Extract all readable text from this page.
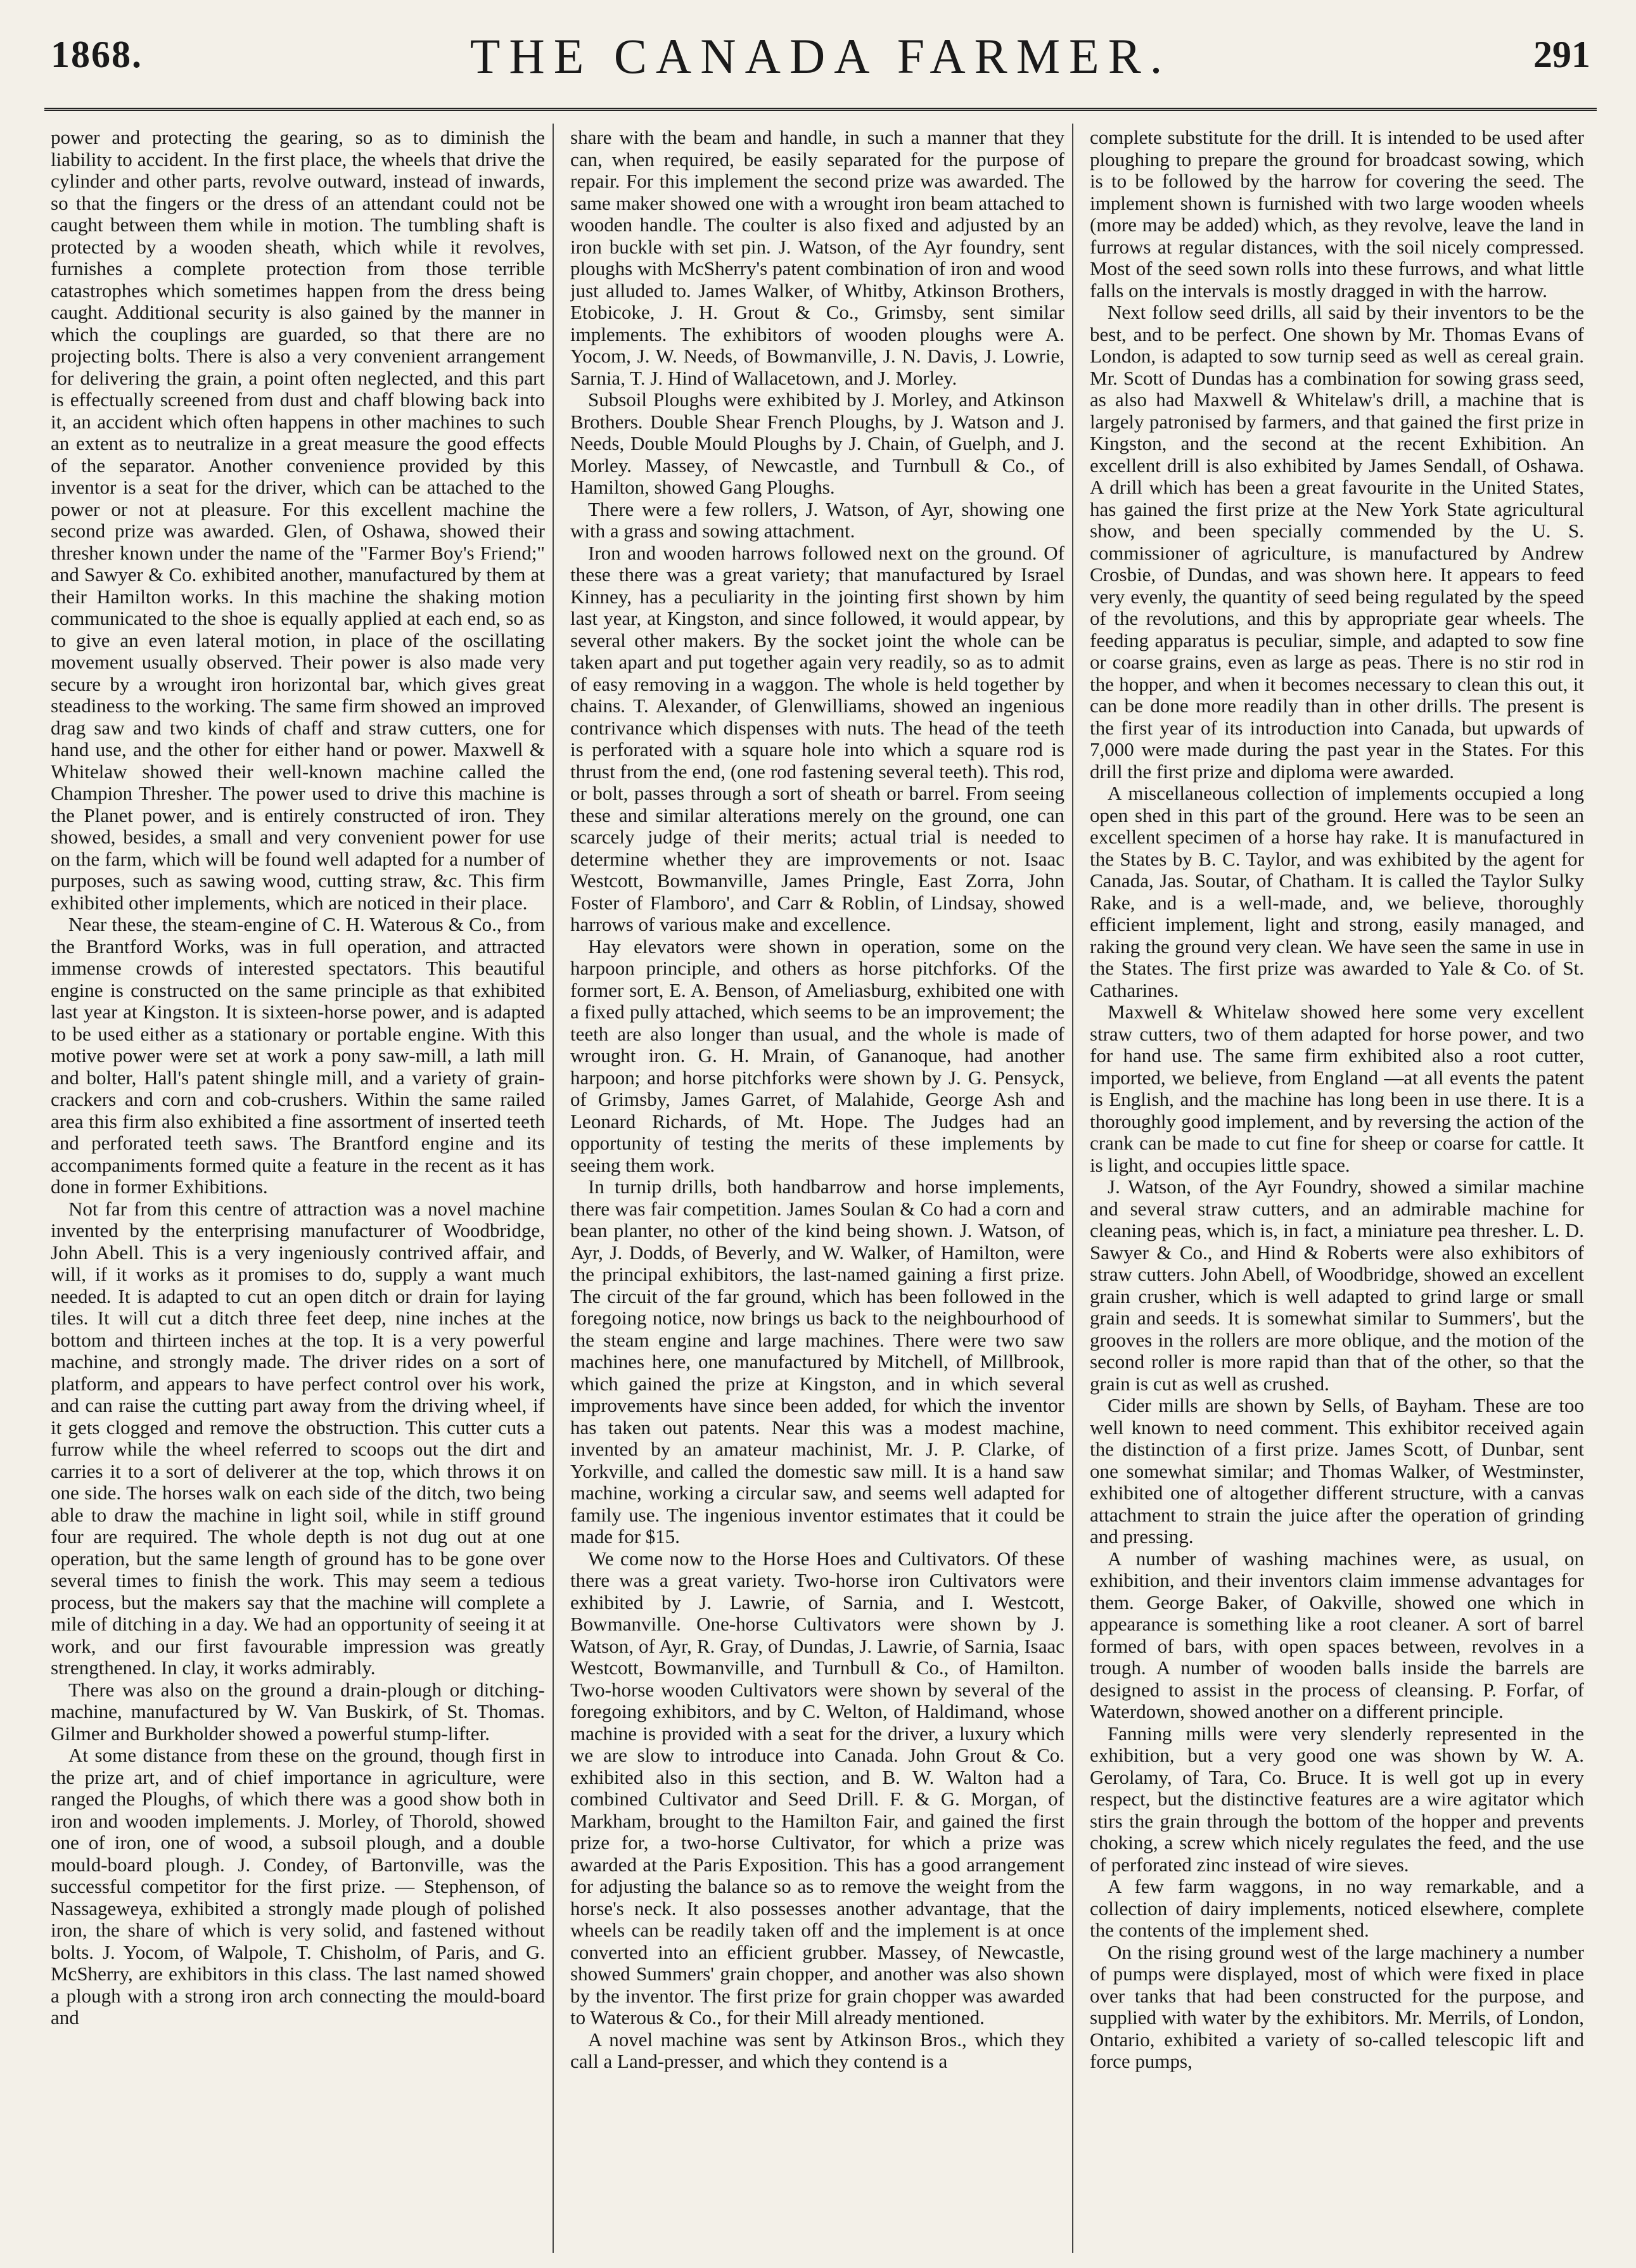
1868.	THE CANADA FARMER.	291

power and protecting the gearing, so as to diminish the liability to accident. In the first place, the wheels that drive the cylinder and other parts, revolve outward, instead of inwards, so that the fingers or the dress of an attendant could not be caught between them while in motion. The tumbling shaft is protected by a wooden sheath, which while it revolves, furnishes a complete protection from those terrible catastrophes which sometimes happen from the dress being caught. Additional security is also gained by the manner in which the couplings are guarded, so that there are no projecting bolts. There is also a very convenient arrangement for delivering the grain, a point often neglected, and this part is effectually screened from dust and chaff blowing back into it, an accident which often happens in other machines to such an extent as to neutralize in a great measure the good effects of the separator. Another convenience provided by this inventor is a seat for the driver, which can be attached to the power or not at pleasure. For this excellent machine the second prize was awarded. Glen, of Oshawa, showed their thresher known under the name of the "Farmer Boy's Friend;" and Sawyer & Co. exhibited another, manufactured by them at their Hamilton works. In this machine the shaking motion communicated to the shoe is equally applied at each end, so as to give an even lateral motion, in place of the oscillating movement usually observed. Their power is also made very secure by a wrought iron horizontal bar, which gives great steadiness to the working. The same firm showed an improved drag saw and two kinds of chaff and straw cutters, one for hand use, and the other for either hand or power. Maxwell & Whitelaw showed their well-known machine called the Champion Thresher. The power used to drive this machine is the Planet power, and is entirely constructed of iron. They showed, besides, a small and very convenient power for use on the farm, which will be found well adapted for a number of purposes, such as sawing wood, cutting straw, &c. This firm exhibited other implements, which are noticed in their place.

Near these, the steam-engine of C. H. Waterous & Co., from the Brantford Works, was in full operation, and attracted immense crowds of interested spectators. This beautiful engine is constructed on the same principle as that exhibited last year at Kingston. It is sixteen-horse power, and is adapted to be used either as a stationary or portable engine. With this motive power were set at work a pony saw-mill, a lath mill and bolter, Hall's patent shingle mill, and a variety of grain-crackers and corn and cob-crushers. Within the same railed area this firm also exhibited a fine assortment of inserted teeth and perforated teeth saws. The Brantford engine and its accompaniments formed quite a feature in the recent as it has done in former Exhibitions.

Not far from this centre of attraction was a novel machine invented by the enterprising manufacturer of Woodbridge, John Abell. This is a very ingeniously contrived affair, and will, if it works as it promises to do, supply a want much needed. It is adapted to cut an open ditch or drain for laying tiles. It will cut a ditch three feet deep, nine inches at the bottom and thirteen inches at the top. It is a very powerful machine, and strongly made. The driver rides on a sort of platform, and appears to have perfect control over his work, and can raise the cutting part away from the driving wheel, if it gets clogged and remove the obstruction. This cutter cuts a furrow while the wheel referred to scoops out the dirt and carries it to a sort of deliverer at the top, which throws it on one side. The horses walk on each side of the ditch, two being able to draw the machine in light soil, while in stiff ground four are required. The whole depth is not dug out at one operation, but the same length of ground has to be gone over several times to finish the work. This may seem a tedious process, but the makers say that the machine will complete a mile of ditching in a day. We had an opportunity of seeing it at work, and our first favourable impression was greatly strengthened. In clay, it works admirably.

There was also on the ground a drain-plough or ditching-machine, manufactured by W. Van Buskirk, of St. Thomas. Gilmer and Burkholder showed a powerful stump-lifter.

At some distance from these on the ground, though first in the prize art, and of chief importance in agriculture, were ranged the Ploughs, of which there was a good show both in iron and wooden implements. J. Morley, of Thorold, showed one of iron, one of wood, a subsoil plough, and a double mould-board plough. J. Condey, of Bartonville, was the successful competitor for the first prize. — Stephenson, of Nassageweya, exhibited a strongly made plough of polished iron, the share of which is very solid, and fastened without bolts. J. Yocom, of Walpole, T. Chisholm, of Paris, and G. McSherry, are exhibitors in this class. The last named showed a plough with a strong iron arch connecting the mould-board and

share with the beam and handle, in such a manner that they can, when required, be easily separated for the purpose of repair. For this implement the second prize was awarded. The same maker showed one with a wrought iron beam attached to wooden handle. The coulter is also fixed and adjusted by an iron buckle with set pin. J. Watson, of the Ayr foundry, sent ploughs with McSherry's patent combination of iron and wood just alluded to. James Walker, of Whitby, Atkinson Brothers, Etobicoke, J. H. Grout & Co., Grimsby, sent similar implements. The exhibitors of wooden ploughs were A. Yocom, J. W. Needs, of Bowmanville, J. N. Davis, J. Lowrie, Sarnia, T. J. Hind of Wallacetown, and J. Morley.

Subsoil Ploughs were exhibited by J. Morley, and Atkinson Brothers. Double Shear French Ploughs, by J. Watson and J. Needs, Double Mould Ploughs by J. Chain, of Guelph, and J. Morley. Massey, of Newcastle, and Turnbull & Co., of Hamilton, showed Gang Ploughs.

There were a few rollers, J. Watson, of Ayr, showing one with a grass and sowing attachment.

Iron and wooden harrows followed next on the ground. Of these there was a great variety; that manufactured by Israel Kinney, has a peculiarity in the jointing first shown by him last year, at Kingston, and since followed, it would appear, by several other makers. By the socket joint the whole can be taken apart and put together again very readily, so as to admit of easy removing in a waggon. The whole is held together by chains. T. Alexander, of Glenwilliams, showed an ingenious contrivance which dispenses with nuts. The head of the teeth is perforated with a square hole into which a square rod is thrust from the end, (one rod fastening several teeth). This rod, or bolt, passes through a sort of sheath or barrel. From seeing these and similar alterations merely on the ground, one can scarcely judge of their merits; actual trial is needed to determine whether they are improvements or not. Isaac Westcott, Bowmanville, James Pringle, East Zorra, John Foster of Flamboro', and Carr & Roblin, of Lindsay, showed harrows of various make and excellence.

Hay elevators were shown in operation, some on the harpoon principle, and others as horse pitchforks. Of the former sort, E. A. Benson, of Ameliasburg, exhibited one with a fixed pully attached, which seems to be an improvement; the teeth are also longer than usual, and the whole is made of wrought iron. G. H. Mrain, of Gananoque, had another harpoon; and horse pitchforks were shown by J. G. Pensyck, of Grimsby, James Garret, of Malahide, George Ash and Leonard Richards, of Mt. Hope. The Judges had an opportunity of testing the merits of these implements by seeing them work.

In turnip drills, both handbarrow and horse implements, there was fair competition. James Soulan & Co had a corn and bean planter, no other of the kind being shown. J. Watson, of Ayr, J. Dodds, of Beverly, and W. Walker, of Hamilton, were the principal exhibitors, the last-named gaining a first prize. The circuit of the far ground, which has been followed in the foregoing notice, now brings us back to the neighbourhood of the steam engine and large machines. There were two saw machines here, one manufactured by Mitchell, of Millbrook, which gained the prize at Kingston, and in which several improvements have since been added, for which the inventor has taken out patents. Near this was a modest machine, invented by an amateur machinist, Mr. J. P. Clarke, of Yorkville, and called the domestic saw mill. It is a hand saw machine, working a circular saw, and seems well adapted for family use. The ingenious inventor estimates that it could be made for $15.

We come now to the Horse Hoes and Cultivators. Of these there was a great variety. Two-horse iron Cultivators were exhibited by J. Lawrie, of Sarnia, and I. Westcott, Bowmanville. One-horse Cultivators were shown by J. Watson, of Ayr, R. Gray, of Dundas, J. Lawrie, of Sarnia, Isaac Westcott, Bowmanville, and Turnbull & Co., of Hamilton. Two-horse wooden Cultivators were shown by several of the foregoing exhibitors, and by C. Welton, of Haldimand, whose machine is provided with a seat for the driver, a luxury which we are slow to introduce into Canada. John Grout & Co. exhibited also in this section, and B. W. Walton had a combined Cultivator and Seed Drill. F. & G. Morgan, of Markham, brought to the Hamilton Fair, and gained the first prize for, a two-horse Cultivator, for which a prize was awarded at the Paris Exposition. This has a good arrangement for adjusting the balance so as to remove the weight from the horse's neck. It also possesses another advantage, that the wheels can be readily taken off and the implement is at once converted into an efficient grubber. Massey, of Newcastle, showed Summers' grain chopper, and another was also shown by the inventor. The first prize for grain chopper was awarded to Waterous & Co., for their Mill already mentioned.

A novel machine was sent by Atkinson Bros., which they call a Land-presser, and which they contend is a

complete substitute for the drill. It is intended to be used after ploughing to prepare the ground for broadcast sowing, which is to be followed by the harrow for covering the seed. The implement shown is furnished with two large wooden wheels (more may be added) which, as they revolve, leave the land in furrows at regular distances, with the soil nicely compressed. Most of the seed sown rolls into these furrows, and what little falls on the intervals is mostly dragged in with the harrow.

Next follow seed drills, all said by their inventors to be the best, and to be perfect. One shown by Mr. Thomas Evans of London, is adapted to sow turnip seed as well as cereal grain. Mr. Scott of Dundas has a combination for sowing grass seed, as also had Maxwell & Whitelaw's drill, a machine that is largely patronised by farmers, and that gained the first prize in Kingston, and the second at the recent Exhibition. An excellent drill is also exhibited by James Sendall, of Oshawa. A drill which has been a great favourite in the United States, has gained the first prize at the New York State agricultural show, and been specially commended by the U. S. commissioner of agriculture, is manufactured by Andrew Crosbie, of Dundas, and was shown here. It appears to feed very evenly, the quantity of seed being regulated by the speed of the revolutions, and this by appropriate gear wheels. The feeding apparatus is peculiar, simple, and adapted to sow fine or coarse grains, even as large as peas. There is no stir rod in the hopper, and when it becomes necessary to clean this out, it can be done more readily than in other drills. The present is the first year of its introduction into Canada, but upwards of 7,000 were made during the past year in the States. For this drill the first prize and diploma were awarded.

A miscellaneous collection of implements occupied a long open shed in this part of the ground. Here was to be seen an excellent specimen of a horse hay rake. It is manufactured in the States by B. C. Taylor, and was exhibited by the agent for Canada, Jas. Soutar, of Chatham. It is called the Taylor Sulky Rake, and is a well-made, and, we believe, thoroughly efficient implement, light and strong, easily managed, and raking the ground very clean. We have seen the same in use in the States. The first prize was awarded to Yale & Co. of St. Catharines.

Maxwell & Whitelaw showed here some very excellent straw cutters, two of them adapted for horse power, and two for hand use. The same firm exhibited also a root cutter, imported, we believe, from England —at all events the patent is English, and the machine has long been in use there. It is a thoroughly good implement, and by reversing the action of the crank can be made to cut fine for sheep or coarse for cattle. It is light, and occupies little space.

J. Watson, of the Ayr Foundry, showed a similar machine and several straw cutters, and an admirable machine for cleaning peas, which is, in fact, a miniature pea thresher. L. D. Sawyer & Co., and Hind & Roberts were also exhibitors of straw cutters. John Abell, of Woodbridge, showed an excellent grain crusher, which is well adapted to grind large or small grain and seeds. It is somewhat similar to Summers', but the grooves in the rollers are more oblique, and the motion of the second roller is more rapid than that of the other, so that the grain is cut as well as crushed.

Cider mills are shown by Sells, of Bayham. These are too well known to need comment. This exhibitor received again the distinction of a first prize. James Scott, of Dunbar, sent one somewhat similar; and Thomas Walker, of Westminster, exhibited one of altogether different structure, with a canvas attachment to strain the juice after the operation of grinding and pressing.

A number of washing machines were, as usual, on exhibition, and their inventors claim immense advantages for them. George Baker, of Oakville, showed one which in appearance is something like a root cleaner. A sort of barrel formed of bars, with open spaces between, revolves in a trough. A number of wooden balls inside the barrels are designed to assist in the process of cleansing. P. Forfar, of Waterdown, showed another on a different principle.

Fanning mills were very slenderly represented in the exhibition, but a very good one was shown by W. A. Gerolamy, of Tara, Co. Bruce. It is well got up in every respect, but the distinctive features are a wire agitator which stirs the grain through the bottom of the hopper and prevents choking, a screw which nicely regulates the feed, and the use of perforated zinc instead of wire sieves.

A few farm waggons, in no way remarkable, and a collection of dairy implements, noticed elsewhere, complete the contents of the implement shed.

On the rising ground west of the large machinery a number of pumps were displayed, most of which were fixed in place over tanks that had been constructed for the purpose, and supplied with water by the exhibitors. Mr. Merrils, of London, Ontario, exhibited a variety of so-called telescopic lift and force pumps,
